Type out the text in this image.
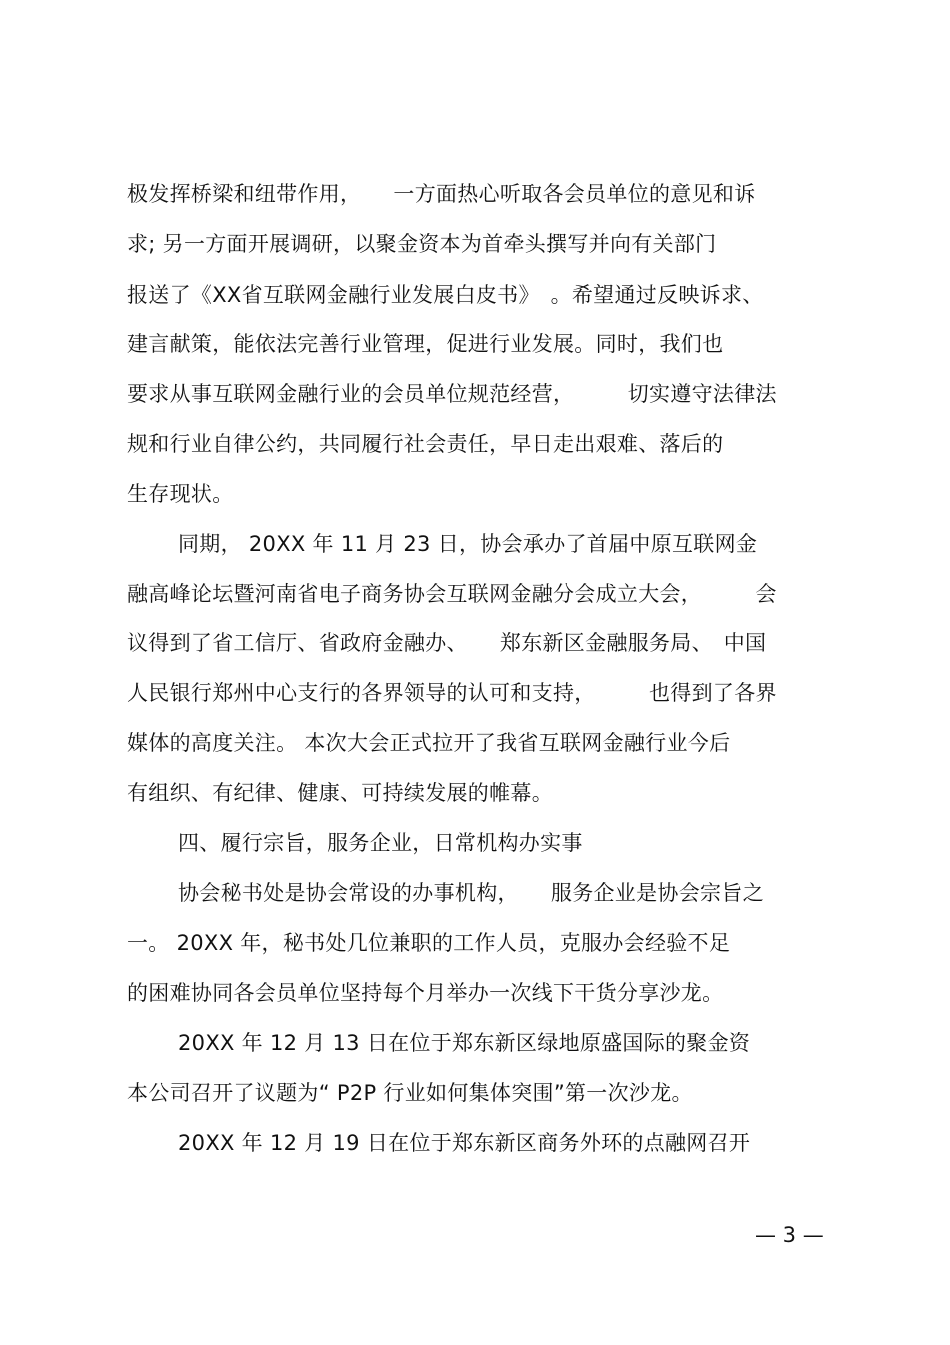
极发挥桥梁和纽带作用，　　一方面热心听取各会员单位的意见和诉
求; 另一方面开展调研，以聚金资本为首牵头撰写并向有关部门
报送了《XX省互联网金融行业发展白皮书》　。希望通过反映诉求、
建言献策，能依法完善行业管理，促进行业发展。同时，我们也
要求从事互联网金融行业的会员单位规范经营，　　　切实遵守法律法
规和行业自律公约，共同履行社会责任，早日走出艰难、落后的
生存现状。
同期， 20XX 年 11 月 23 日，协会承办了首届中原互联网金
融高峰论坛暨河南省电子商务协会互联网金融分会成立大会，　　　会
议得到了省工信厅、省政府金融办、　　郑东新区金融服务局、　中国
人民银行郑州中心支行的各界领导的认可和支持，　　　也得到了各界
媒体的高度关注。 本次大会正式拉开了我省互联网金融行业今后
有组织、有纪律、健康、可持续发展的帷幕。
四、履行宗旨，服务企业，日常机构办实事
协会秘书处是协会常设的办事机构，　　服务企业是协会宗旨之
一。 20XX 年，秘书处几位兼职的工作人员，克服办会经验不足
的困难协同各会员单位坚持每个月举办一次线下干货分享沙龙。
20XX 年 12 月 13 日在位于郑东新区绿地原盛国际的聚金资
本公司召开了议题为“ P2P 行业如何集体突围”第一次沙龙。
20XX 年 12 月 19 日在位于郑东新区商务外环的点融网召开
— 3 —
